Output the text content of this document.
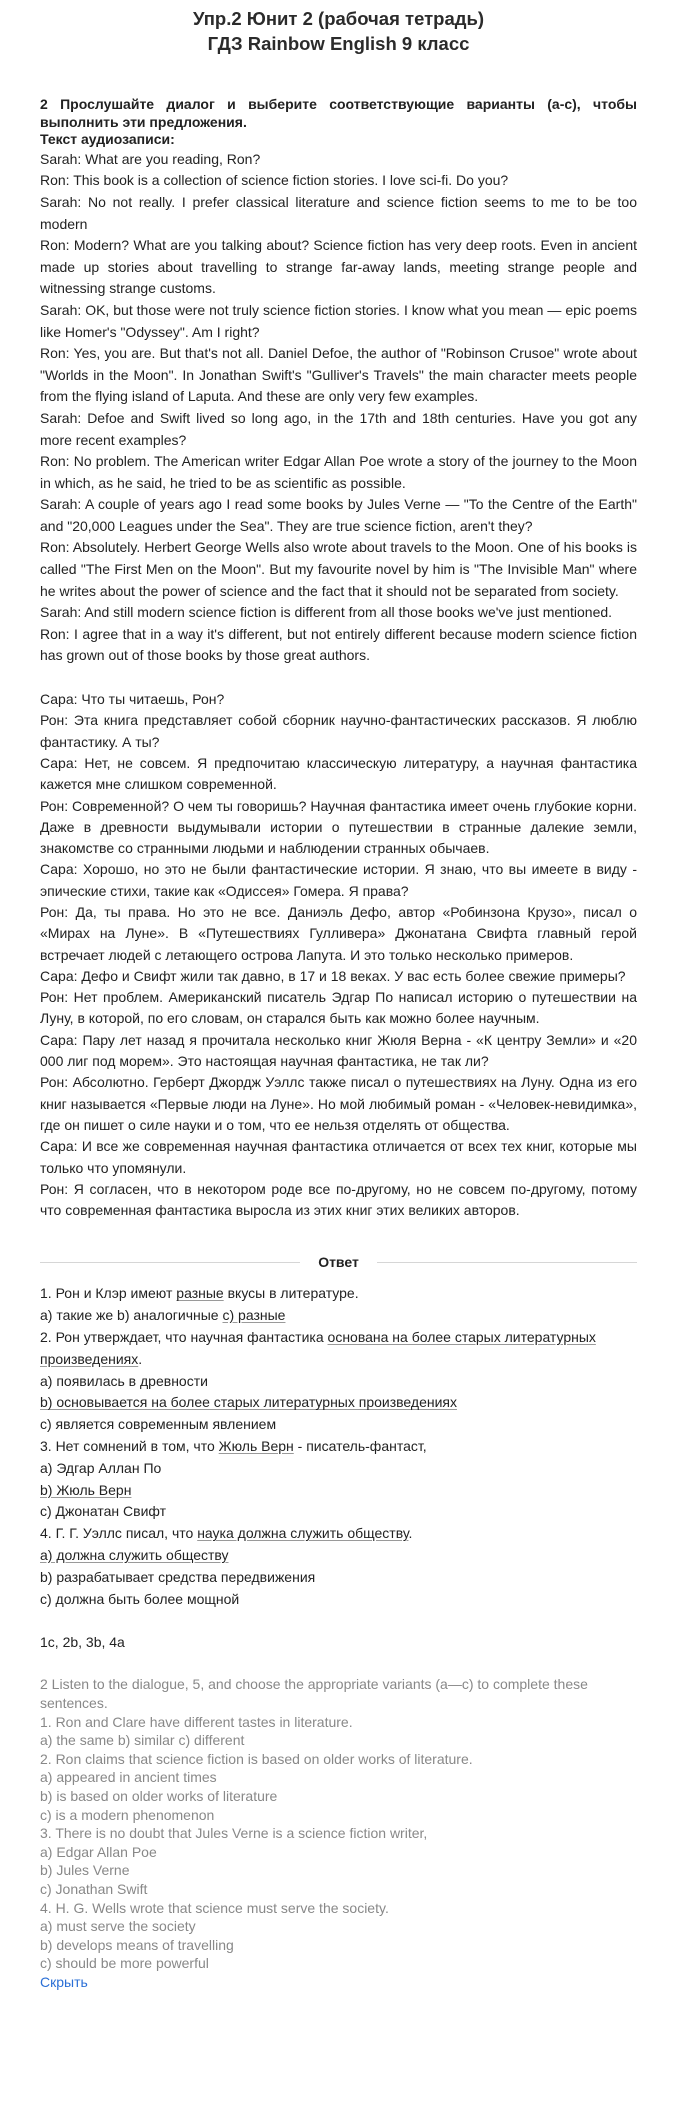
Упр.2 Юнит 2 (рабочая тетрадь)
ГДЗ Rainbow English 9 класс
2 Прослушайте диалог и выберите соответствующие варианты (а-с), чтобы выполнить эти предложения.
Текст аудиозаписи:

Sarah: What are you reading, Ron?

Ron: This book is a collection of science fiction stories. I love sci-fi. Do you?

Sarah: No not really. I prefer classical literature and science fiction seems to me to be too modern

Ron: Modern? What are you talking about? Science fiction has very deep roots. Even in ancient made up stories about travelling to strange far-away lands, meeting strange people and witnessing strange customs.

Sarah: OK, but those were not truly science fiction stories. I know what you mean — epic poems like Homer's "Odyssey". Am I right?

Ron: Yes, you are. But that's not all. Daniel Defoe, the author of "Robinson Crusoe" wrote about "Worlds in the Moon". In Jonathan Swift's "Gulliver's Travels" the main character meets people from the flying island of Laputa. And these are only very few examples.

Sarah: Defoe and Swift lived so long ago, in the 17th and 18th centuries. Have you got any more recent examples?

Ron: No problem. The American writer Edgar Allan Poe wrote a story of the journey to the Moon in which, as he said, he tried to be as scientific as possible.

Sarah: A couple of years ago I read some books by Jules Verne — "To the Centre of the Earth" and "20,000 Leagues under the Sea". They are true science fiction, aren't they?

Ron: Absolutely. Herbert George Wells also wrote about travels to the Moon. One of his books is called "The First Men on the Moon". But my favourite novel by him is "The Invisible Man" where he writes about the power of science and the fact that it should not be separated from society.

Sarah: And still modern science fiction is different from all those books we've just mentioned.

Ron: I agree that in a way it's different, but not entirely different because modern science fiction has grown out of those books by those great authors.

Сара: Что ты читаешь, Рон?

Рон: Эта книга представляет собой сборник научно-фантастических рассказов. Я люблю фантастику. А ты?

Сара: Нет, не совсем. Я предпочитаю классическую литературу, а научная фантастика кажется мне слишком современной.

Рон: Современной? О чем ты говоришь? Научная фантастика имеет очень глубокие корни. Даже в древности выдумывали истории о путешествии в странные далекие земли, знакомстве со странными людьми и наблюдении странных обычаев.

Сара: Хорошо, но это не были фантастические истории. Я знаю, что вы имеете в виду - эпические стихи, такие как «Одиссея» Гомера. Я права?

Рон: Да, ты права. Но это не все. Даниэль Дефо, автор «Робинзона Крузо», писал о «Мирах на Луне». В «Путешествиях Гулливера» Джонатана Свифта главный герой встречает людей с летающего острова Лапута. И это только несколько примеров.

Сара: Дефо и Свифт жили так давно, в 17 и 18 веках. У вас есть более свежие примеры?

Рон: Нет проблем. Американский писатель Эдгар По написал историю о путешествии на Луну, в которой, по его словам, он старался быть как можно более научным.

Сара: Пару лет назад я прочитала несколько книг Жюля Верна - «К центру Земли» и «20 000 лиг под морем». Это настоящая научная фантастика, не так ли?

Рон: Абсолютно. Герберт Джордж Уэллс также писал о путешествиях на Луну. Одна из его книг называется «Первые люди на Луне». Но мой любимый роман - «Человек-невидимка», где он пишет о силе науки и о том, что ее нельзя отделять от общества.

Сара: И все же современная научная фантастика отличается от всех тех книг, которые мы только что упомянули.

Рон: Я согласен, что в некотором роде все по-другому, но не совсем по-другому, потому что современная фантастика выросла из этих книг этих великих авторов.

Ответ
1. Рон и Клэр имеют разные вкусы в литературе.
а) такие же b) аналогичные с) разные
2. Рон утверждает, что научная фантастика основана на более старых литературных произведениях.
а) появилась в древности
b) основывается на более старых литературных произведениях
с) является современным явлением
3. Нет сомнений в том, что Жюль Верн - писатель-фантаст,
а) Эдгар Аллан По
b) Жюль Верн
с) Джонатан Свифт
4. Г. Г. Уэллс писал, что наука должна служить обществу.
а) должна служить обществу
b) разрабатывает средства передвижения
с) должна быть более мощной
1c, 2b, 3b, 4a
2 Listen to the dialogue, 5, and choose the appropriate variants (a—c) to complete these sentences.
1. Ron and Clare have different tastes in literature.
a) the same b) similar c) different
2. Ron claims that science fiction is based on older works of literature.
a) appeared in ancient times
b) is based on older works of literature
c) is a modern phenomenon
3. There is no doubt that Jules Verne is a science fiction writer,
a) Edgar Allan Poe
b) Jules Verne
c) Jonathan Swift
4. H. G. Wells wrote that science must serve the society.
a) must serve the society
b) develops means of travelling
c) should be more powerful
Скрыть
